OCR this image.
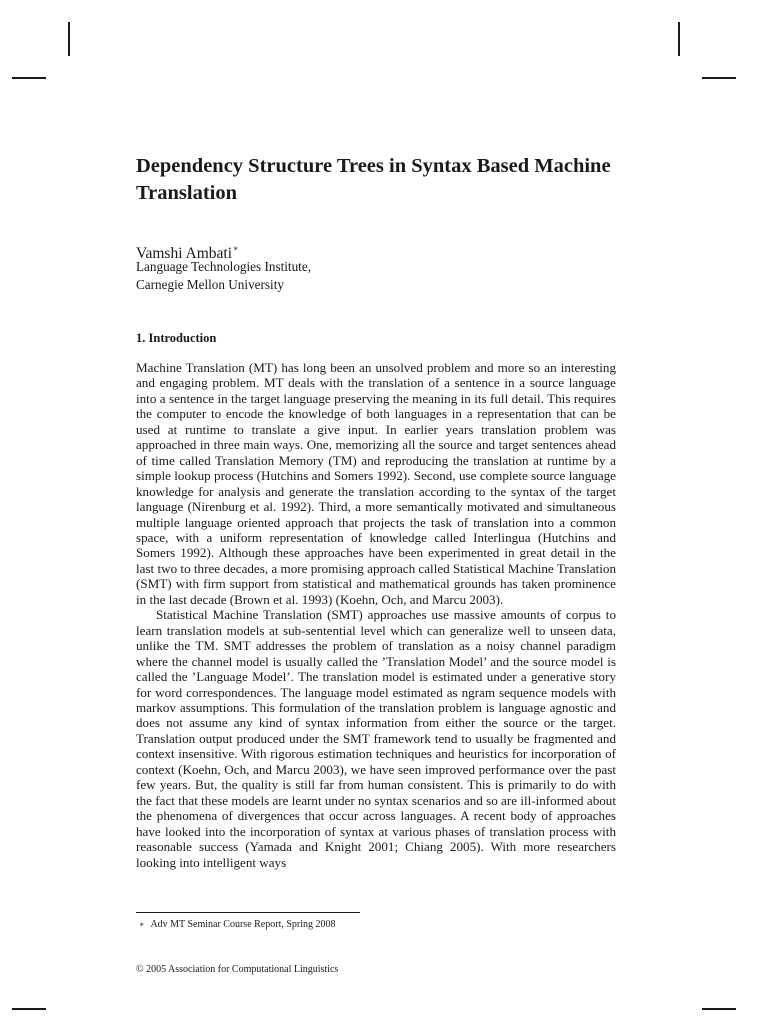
Dependency Structure Trees in Syntax Based Machine Translation
Vamshi Ambati∗
Language Technologies Institute,
Carnegie Mellon University
1. Introduction

Machine Translation (MT) has long been an unsolved problem and more so an interesting and engaging problem. MT deals with the translation of a sentence in a source language into a sentence in the target language preserving the meaning in its full detail. This requires the computer to encode the knowledge of both languages in a representation that can be used at runtime to translate a give input. In earlier years translation problem was approached in three main ways. One, memorizing all the source and target sentences ahead of time called Translation Memory (TM) and reproducing the translation at runtime by a simple lookup process (Hutchins and Somers 1992). Second, use complete source language knowledge for analysis and generate the translation according to the syntax of the target language (Nirenburg et al. 1992). Third, a more semantically motivated and simultaneous multiple language oriented approach that projects the task of translation into a common space, with a uniform representation of knowledge called Interlingua (Hutchins and Somers 1992). Although these approaches have been experimented in great detail in the last two to three decades, a more promising approach called Statistical Machine Translation (SMT) with firm support from statistical and mathematical grounds has taken prominence in the last decade (Brown et al. 1993) (Koehn, Och, and Marcu 2003).

Statistical Machine Translation (SMT) approaches use massive amounts of corpus to learn translation models at sub-sentential level which can generalize well to unseen data, unlike the TM. SMT addresses the problem of translation as a noisy channel paradigm where the channel model is usually called the ’Translation Model’ and the source model is called the ’Language Model’. The translation model is estimated under a generative story for word correspondences. The language model estimated as ngram sequence models with markov assumptions. This formulation of the translation problem is language agnostic and does not assume any kind of syntax information from either the source or the target. Translation output produced under the SMT framework tend to usually be fragmented and context insensitive. With rigorous estimation techniques and heuristics for incorporation of context (Koehn, Och, and Marcu 2003), we have seen improved performance over the past few years. But, the quality is still far from human consistent. This is primarily to do with the fact that these models are learnt under no syntax scenarios and so are ill-informed about the phenomena of divergences that occur across languages. A recent body of approaches have looked into the incorporation of syntax at various phases of translation process with reasonable success (Yamada and Knight 2001; Chiang 2005). With more researchers looking into intelligent ways

∗ Adv MT Seminar Course Report, Spring 2008
© 2005 Association for Computational Linguistics
